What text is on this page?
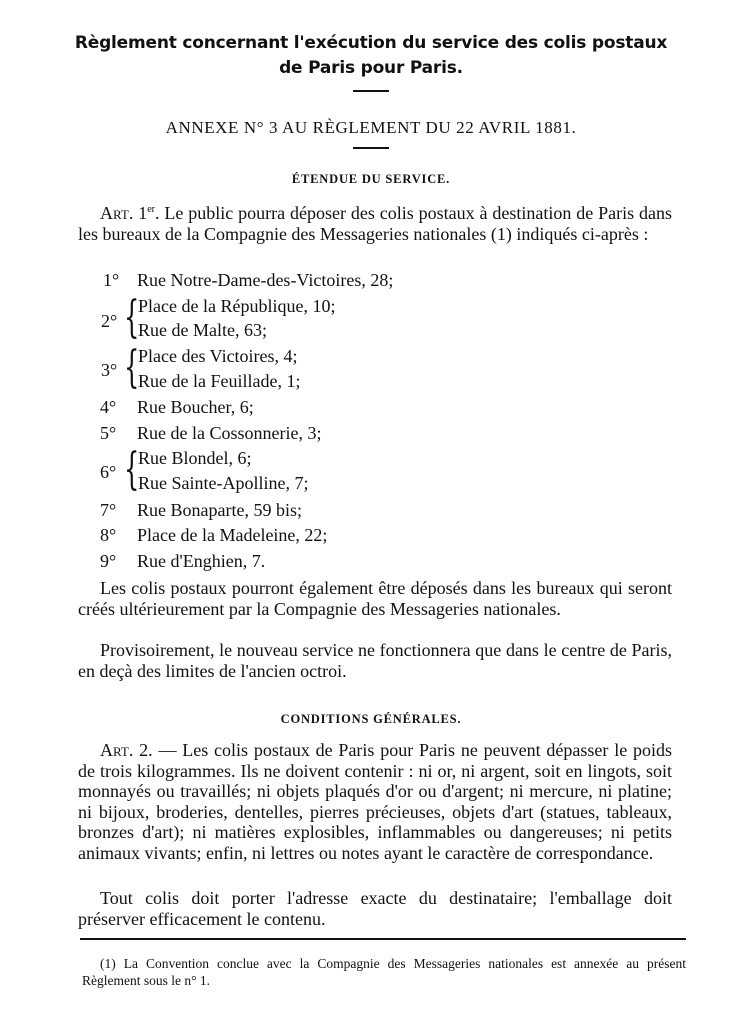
Règlement concernant l'exécution du service des colis postaux
de Paris pour Paris.
ANNEXE N° 3 AU RÈGLEMENT DU 22 AVRIL 1881.
ÉTENDUE DU SERVICE.

Art. 1er. Le public pourra déposer des colis postaux à destination de Paris dans les bureaux de la Compagnie des Messageries nationales (1) indiqués ci-après :

1° Rue Notre-Dame-des-Victoires, 28;
2° {
Place de la République, 10;
Rue de Malte, 63;
3° {
Place des Victoires, 4;
Rue de la Feuillade, 1;
4° Rue Boucher, 6;
5° Rue de la Cossonnerie, 3;
6° {
Rue Blondel, 6;
Rue Sainte-Apolline, 7;
7° Rue Bonaparte, 59 bis;
8° Place de la Madeleine, 22;
9° Rue d'Enghien, 7.

Les colis postaux pourront également être déposés dans les bureaux qui seront créés ultérieurement par la Compagnie des Messageries nationales.

Provisoirement, le nouveau service ne fonctionnera que dans le centre de Paris, en deçà des limites de l'ancien octroi.

CONDITIONS GÉNÉRALES.

Art. 2. — Les colis postaux de Paris pour Paris ne peuvent dépasser le poids de trois kilogrammes. Ils ne doivent contenir : ni or, ni argent, soit en lingots, soit monnayés ou travaillés; ni objets plaqués d'or ou d'argent; ni mercure, ni platine; ni bijoux, broderies, dentelles, pierres précieuses, objets d'art (statues, tableaux, bronzes d'art); ni matières explosibles, inflammables ou dangereuses; ni petits animaux vivants; enfin, ni lettres ou notes ayant le caractère de correspondance.

Tout colis doit porter l'adresse exacte du destinataire; l'emballage doit préserver efficacement le contenu.

(1) La Convention conclue avec la Compagnie des Messageries nationales est annexée au présent Règlement sous le n° 1.
